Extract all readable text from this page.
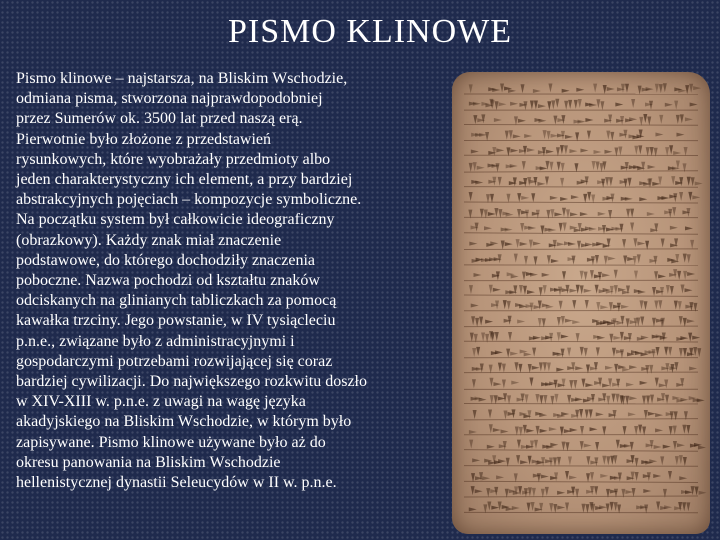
PISMO KLINOWE
Pismo klinowe – najstarsza, na Bliskim Wschodzie,
odmiana pisma, stworzona najprawdopodobniej
przez Sumerów ok. 3500 lat przed naszą erą.
Pierwotnie było złożone z przedstawień
rysunkowych, które wyobrażały przedmioty albo
jeden charakterystyczny ich element, a przy bardziej
abstrakcyjnych pojęciach – kompozycje symboliczne.
Na początku system był całkowicie ideograficzny
(obrazkowy). Każdy znak miał znaczenie
podstawowe, do którego dochodziły znaczenia
poboczne. Nazwa pochodzi od kształtu znaków
odciskanych na glinianych tabliczkach za pomocą
kawałka trzciny. Jego powstanie, w IV tysiącleciu
p.n.e., związane było z administracyjnymi i
gospodarczymi potrzebami rozwijającej się coraz
bardziej cywilizacji. Do największego rozkwitu doszło
w XIV-XIII w. p.n.e. z uwagi na wagę języka
akadyjskiego na Bliskim Wschodzie, w którym było
zapisywane. Pismo klinowe używane było aż do
okresu panowania na Bliskim Wschodzie
hellenistycznej dynastii Seleucydów w II w. p.n.e.
